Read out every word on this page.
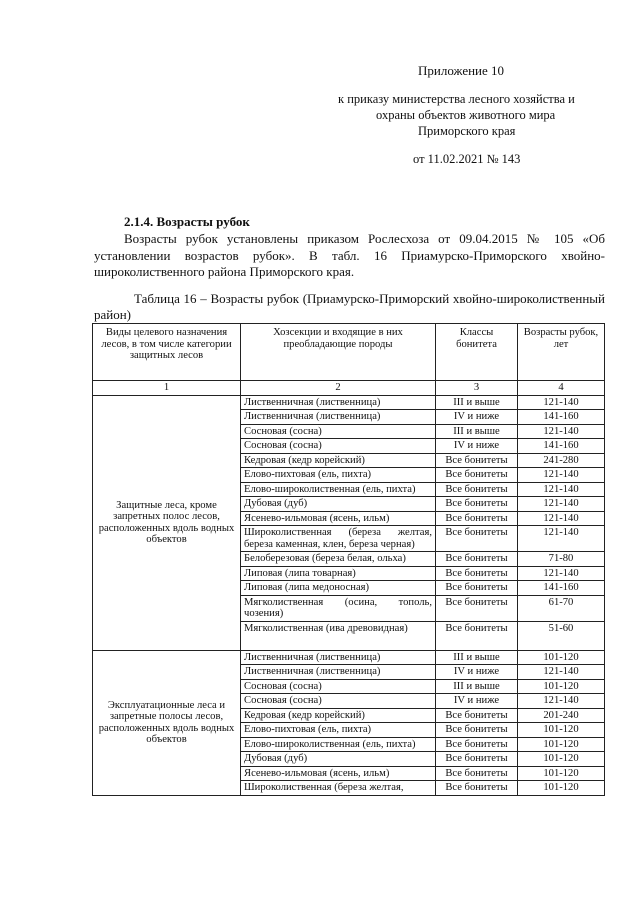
Приложение 10
к приказу министерства лесного хозяйства и
охраны объектов животного мира
Приморского края
от 11.02.2021 № 143
2.1.4. Возрасты рубок

Возрасты рубок установлены приказом Рослесхоза от 09.04.2015 № 105 «Об установлении возрастов рубок». В табл. 16 Приамурско-Приморского хвойно-широколиственного района Приморского края.

Таблица 16 – Возрасты рубок (Приамурско-Приморский хвойно-широколиственный район)

Виды целевого назначения лесов, в том числе категории защитных лесов	Хозсекции и входящие в них преобладающие породы	Классы бонитета	Возрасты рубок, лет
1	2	3	4
Защитные леса, кроме запретных полос лесов, расположенных вдоль водных объектов	Лиственничная (лиственница)	III и выше	121-140
	Лиственничная (лиственница)	IV и ниже	141-160
	Сосновая (сосна)	III и выше	121-140
	Сосновая (сосна)	IV и ниже	141-160
	Кедровая (кедр корейский)	Все бонитеты	241-280
	Елово-пихтовая (ель, пихта)	Все бонитеты	121-140
	Елово-широколиственная (ель, пихта)	Все бонитеты	121-140
	Дубовая (дуб)	Все бонитеты	121-140
	Ясенево-ильмовая (ясень, ильм)	Все бонитеты	121-140
	Широколиственная (береза желтая, береза каменная, клен, береза черная)	Все бонитеты	121-140
	Белоберезовая (береза белая, ольха)	Все бонитеты	71-80
	Липовая (липа товарная)	Все бонитеты	121-140
	Липовая (липа медоносная)	Все бонитеты	141-160
	Мягколиственная (осина, тополь, чозения)	Все бонитеты	61-70
	Мягколиственная (ива древовидная)	Все бонитеты	51-60
Эксплуатационные леса и запретные полосы лесов, расположенных вдоль водных объектов	Лиственничная (лиственница)	III и выше	101-120
	Лиственничная (лиственница)	IV и ниже	121-140
	Сосновая (сосна)	III и выше	101-120
	Сосновая (сосна)	IV и ниже	121-140
	Кедровая (кедр корейский)	Все бонитеты	201-240
	Елово-пихтовая (ель, пихта)	Все бонитеты	101-120
	Елово-широколиственная (ель, пихта)	Все бонитеты	101-120
	Дубовая (дуб)	Все бонитеты	101-120
	Ясенево-ильмовая (ясень, ильм)	Все бонитеты	101-120
	Широколиственная (береза желтая,	Все бонитеты	101-120
